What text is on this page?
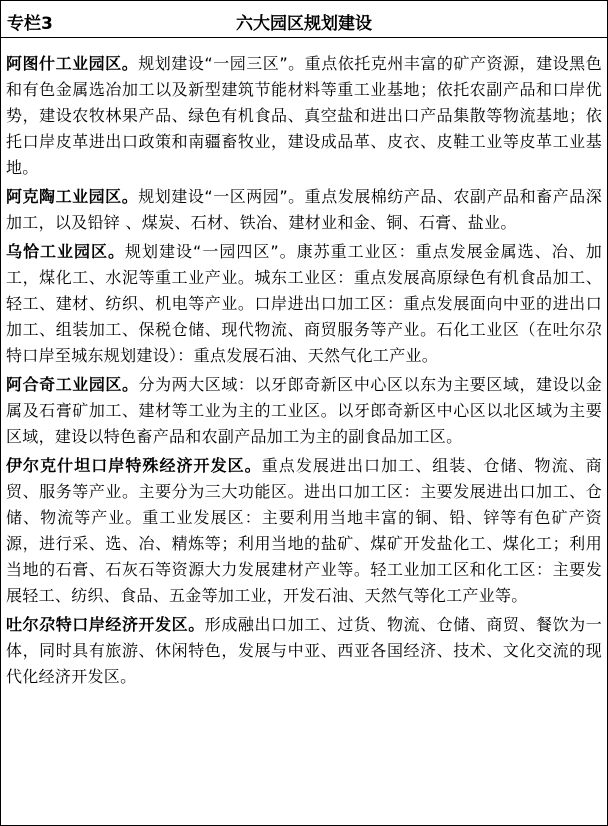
专栏3	六大园区规划建设

阿图什工业园区。规划建设“一园三区”。重点依托克州丰富的矿产资源，建设黑色和有色金属选冶加工以及新型建筑节能材料等重工业基地；依托农副产品和口岸优势，建设农牧林果产品、绿色有机食品、真空盐和进出口产品集散等物流基地；依托口岸皮革进出口政策和南疆畜牧业，建设成品革、皮衣、皮鞋工业等皮革工业基地。

阿克陶工业园区。规划建设“一区两园”。重点发展棉纺产品、农副产品和畜产品深加工，以及铅锌 、煤炭、石材、铁冶、建材业和金、铜、石膏、盐业。

乌恰工业园区。规划建设“一园四区”。康苏重工业区：重点发展金属选、冶、加工，煤化工、水泥等重工业产业。城东工业区：重点发展高原绿色有机食品加工、轻工、建材、纺织、机电等产业。口岸进出口加工区：重点发展面向中亚的进出口加工、组装加工、保税仓储、现代物流、商贸服务等产业。石化工业区（在吐尔尕特口岸至城东规划建设）：重点发展石油、天然气化工产业。

阿合奇工业园区。分为两大区域：以牙郎奇新区中心区以东为主要区域，建设以金属及石膏矿加工、建材等工业为主的工业区。以牙郎奇新区中心区以北区域为主要区域，建设以特色畜产品和农副产品加工为主的副食品加工区。

伊尔克什坦口岸特殊经济开发区。重点发展进出口加工、组装、仓储、物流、商贸、服务等产业。主要分为三大功能区。进出口加工区：主要发展进出口加工、仓储、物流等产业。重工业发展区：主要利用当地丰富的铜、铅、锌等有色矿产资源，进行采、选、冶、精炼等；利用当地的盐矿、煤矿开发盐化工、煤化工；利用当地的石膏、石灰石等资源大力发展建材产业等。轻工业加工区和化工区：主要发展轻工、纺织、食品、五金等加工业，开发石油、天然气等化工产业等。

吐尔尕特口岸经济开发区。形成融出口加工、过货、物流、仓储、商贸、餐饮为一体，同时具有旅游、休闲特色，发展与中亚、西亚各国经济、技术、文化交流的现代化经济开发区。
